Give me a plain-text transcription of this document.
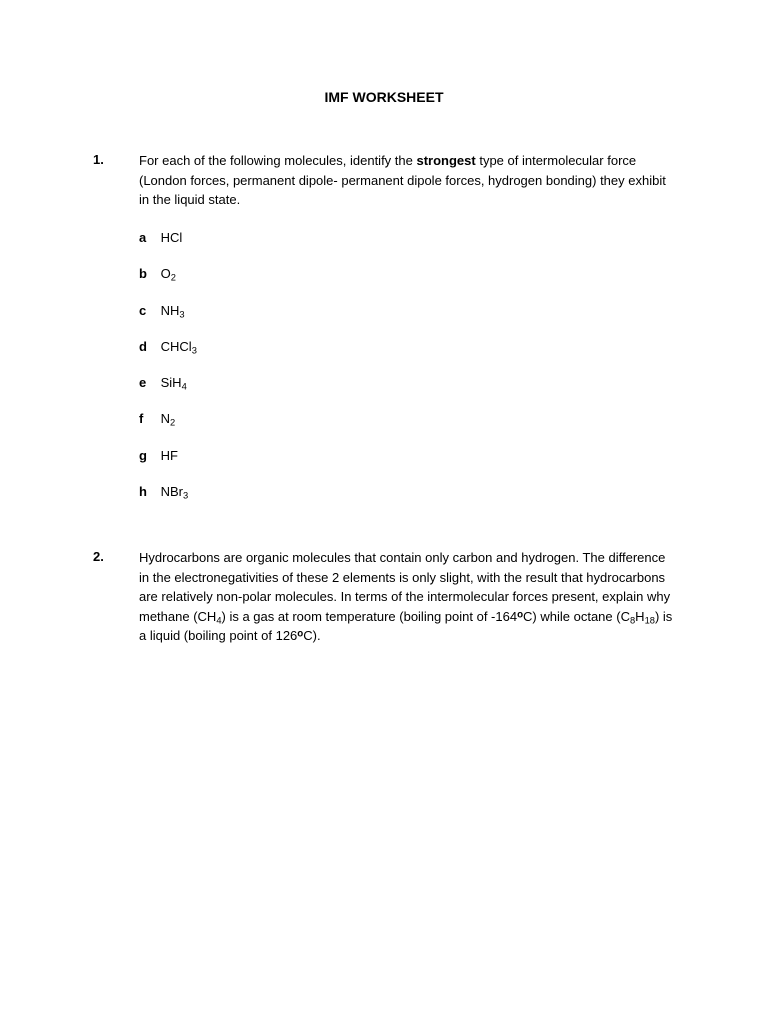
IMF WORKSHEET
1.	For each of the following molecules, identify the strongest type of intermolecular force (London forces, permanent dipole- permanent dipole forces, hydrogen bonding) they exhibit in the liquid state.
a HCl
b $O_2$
c $NH_3$
d CHCl$_3$
e SiH$_4$
f $N_2$
g HF
h NBr$_3$
2.	Hydrocarbons are organic molecules that contain only carbon and hydrogen. The difference in the electronegativities of these 2 elements is only slight, with the result that hydrocarbons are relatively non-polar molecules. In terms of the intermolecular forces present, explain why methane $(CH_4)$ is a gas at room temperature (boiling point of -164$^o$C) while octane $(C_8H_{18})$ is a liquid (boiling point of 126$^o$C).
